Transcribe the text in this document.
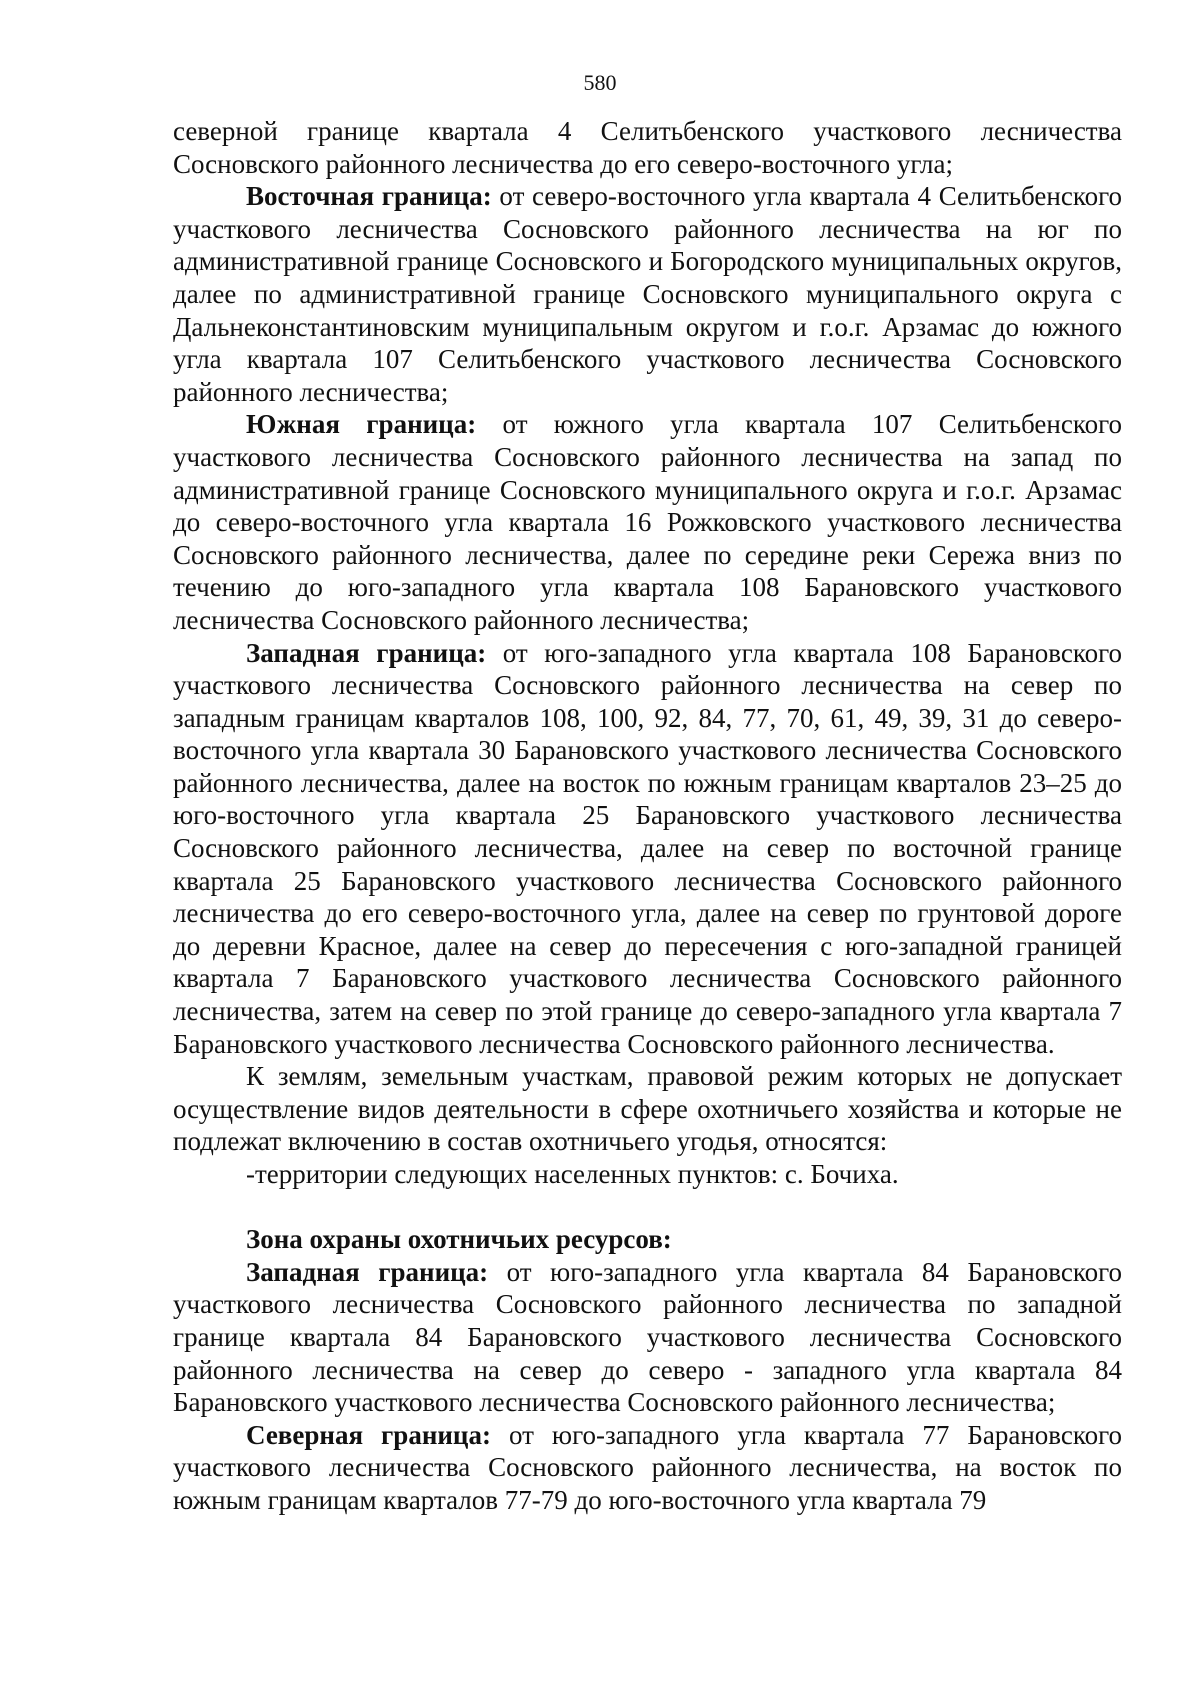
580

северной границе квартала 4 Селитьбенского участкового лесничества Сосновского районного лесничества до его северо-восточного угла;

Восточная граница: от северо-восточного угла квартала 4 Селитьбенского участкового лесничества Сосновского районного лесничества на юг по административной границе Сосновского и Богородского муниципальных округов, далее по административной границе Сосновского муниципального округа с Дальнеконстантиновским муниципальным округом и г.о.г. Арзамас до южного угла квартала 107 Селитьбенского участкового лесничества Сосновского районного лесничества;

Южная граница: от южного угла квартала 107 Селитьбенского участкового лесничества Сосновского районного лесничества на запад по административной границе Сосновского муниципального округа и г.о.г. Арзамас до северо-восточного угла квартала 16 Рожковского участкового лесничества Сосновского районного лесничества, далее по середине реки Сережа вниз по течению до юго-западного угла квартала 108 Барановского участкового лесничества Сосновского районного лесничества;

Западная граница: от юго-западного угла квартала 108 Барановского участкового лесничества Сосновского районного лесничества на север по западным границам кварталов 108, 100, 92, 84, 77, 70, 61, 49, 39, 31 до северо-восточного угла квартала 30 Барановского участкового лесничества Сосновского районного лесничества, далее на восток по южным границам кварталов 23–25 до юго-восточного угла квартала 25 Барановского участкового лесничества Сосновского районного лесничества, далее на север по восточной границе квартала 25 Барановского участкового лесничества Сосновского районного лесничества до его северо-восточного угла, далее на север по грунтовой дороге до деревни Красное, далее на север до пересечения с юго-западной границей квартала 7 Барановского участкового лесничества Сосновского районного лесничества, затем на север по этой границе до северо-западного угла квартала 7 Барановского участкового лесничества Сосновского районного лесничества.

К землям, земельным участкам, правовой режим которых не допускает осуществление видов деятельности в сфере охотничьего хозяйства и которые не подлежат включению в состав охотничьего угодья, относятся:

-территории следующих населенных пунктов: с. Бочиха.

Зона охраны охотничьих ресурсов:

Западная граница: от юго-западного угла квартала 84 Барановского участкового лесничества Сосновского районного лесничества по западной границе квартала 84 Барановского участкового лесничества Сосновского районного лесничества на север до северо - западного угла квартала 84 Барановского участкового лесничества Сосновского районного лесничества;

Северная граница: от юго-западного угла квартала 77 Барановского участкового лесничества Сосновского районного лесничества, на восток по южным границам кварталов 77-79 до юго-восточного угла квартала 79
